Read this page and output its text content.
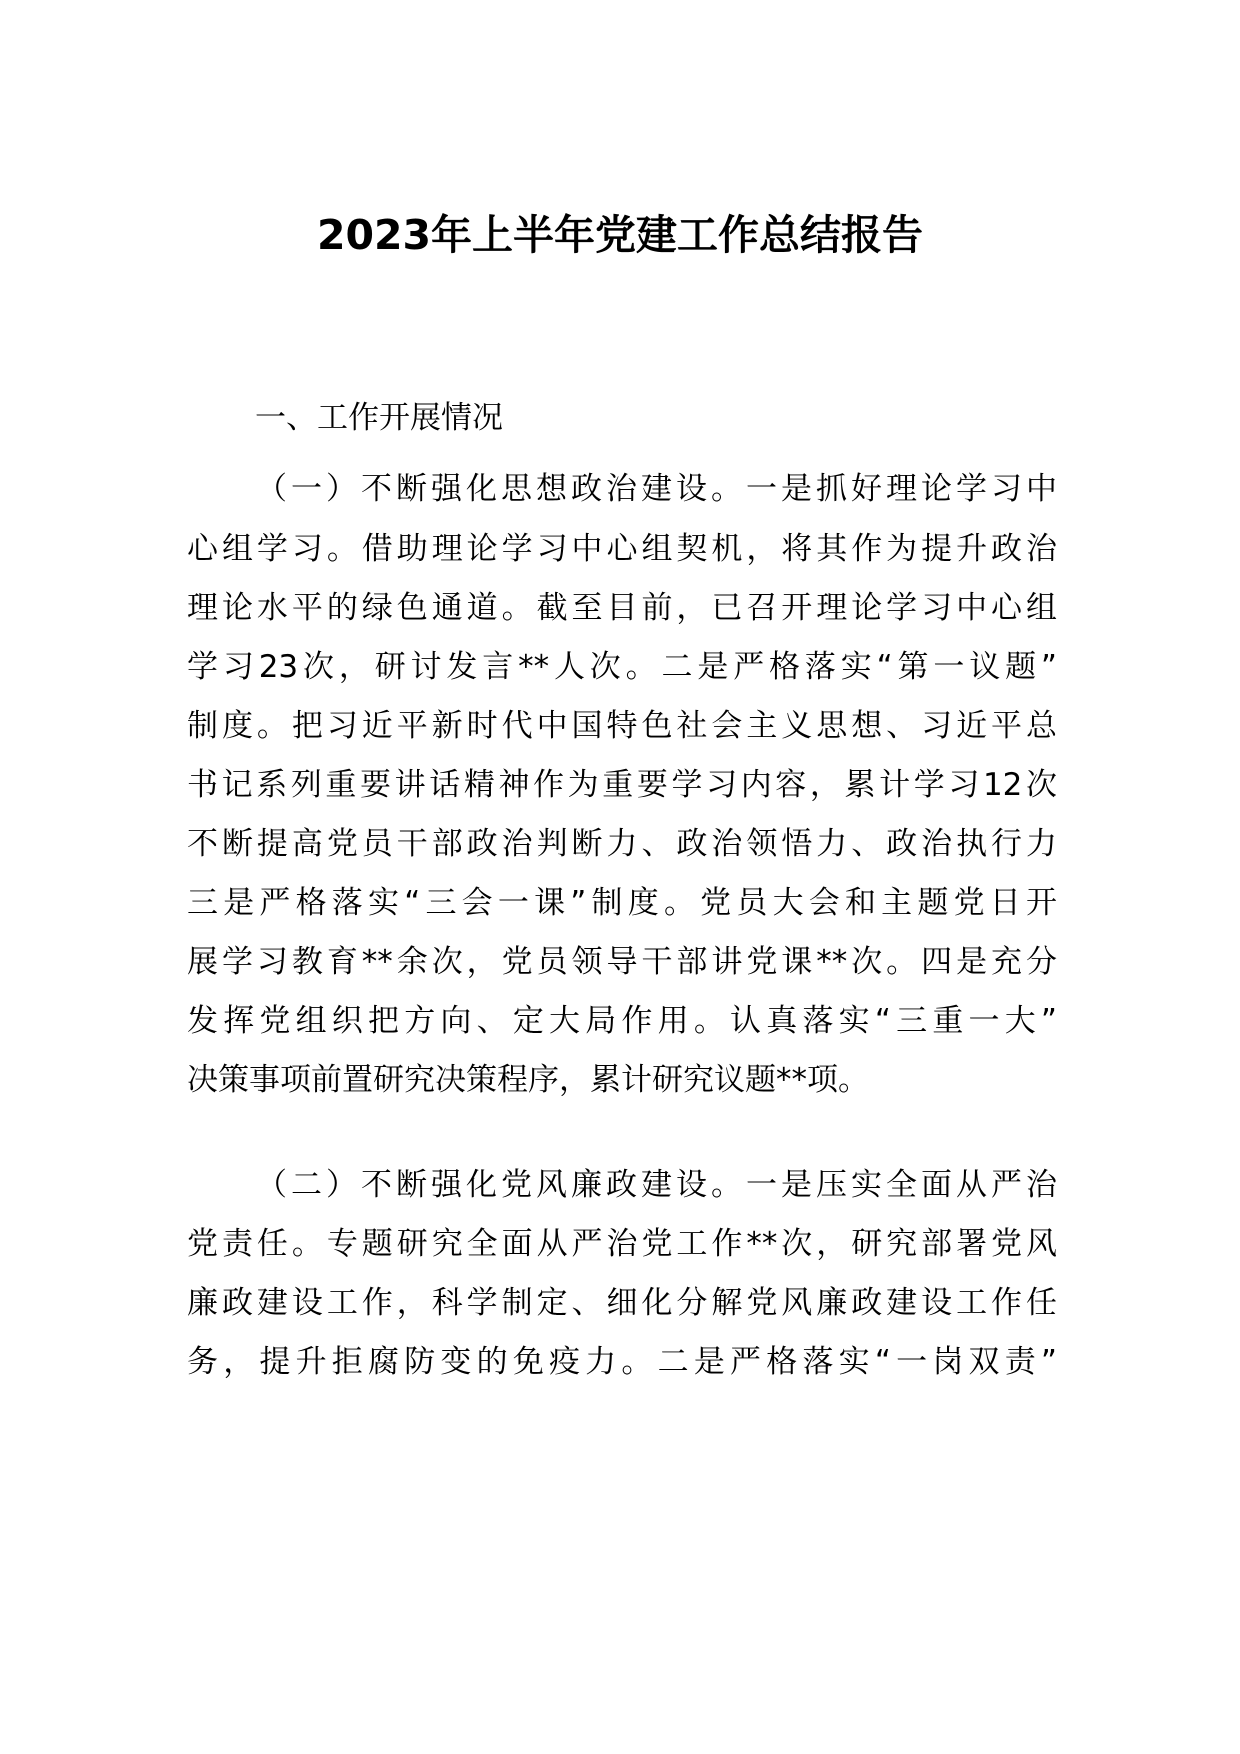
2023年上半年党建工作总结报告
一、工作开展情况
（一）不断强化思想政治建设。一是抓好理论学习中
心组学习。借助理论学习中心组契机，将其作为提升政治
理论水平的绿色通道。截至目前，已召开理论学习中心组
学习23次，研讨发言**人次。二是严格落实“第一议题”
制度。把习近平新时代中国特色社会主义思想、习近平总
书记系列重要讲话精神作为重要学习内容，累计学习12次
不断提高党员干部政治判断力、政治领悟力、政治执行力
三是严格落实“三会一课”制度。党员大会和主题党日开
展学习教育**余次，党员领导干部讲党课**次。四是充分
发挥党组织把方向、定大局作用。认真落实“三重一大”
决策事项前置研究决策程序，累计研究议题**项。
（二）不断强化党风廉政建设。一是压实全面从严治
党责任。专题研究全面从严治党工作**次，研究部署党风
廉政建设工作，科学制定、细化分解党风廉政建设工作任
务，提升拒腐防变的免疫力。二是严格落实“一岗双责”
